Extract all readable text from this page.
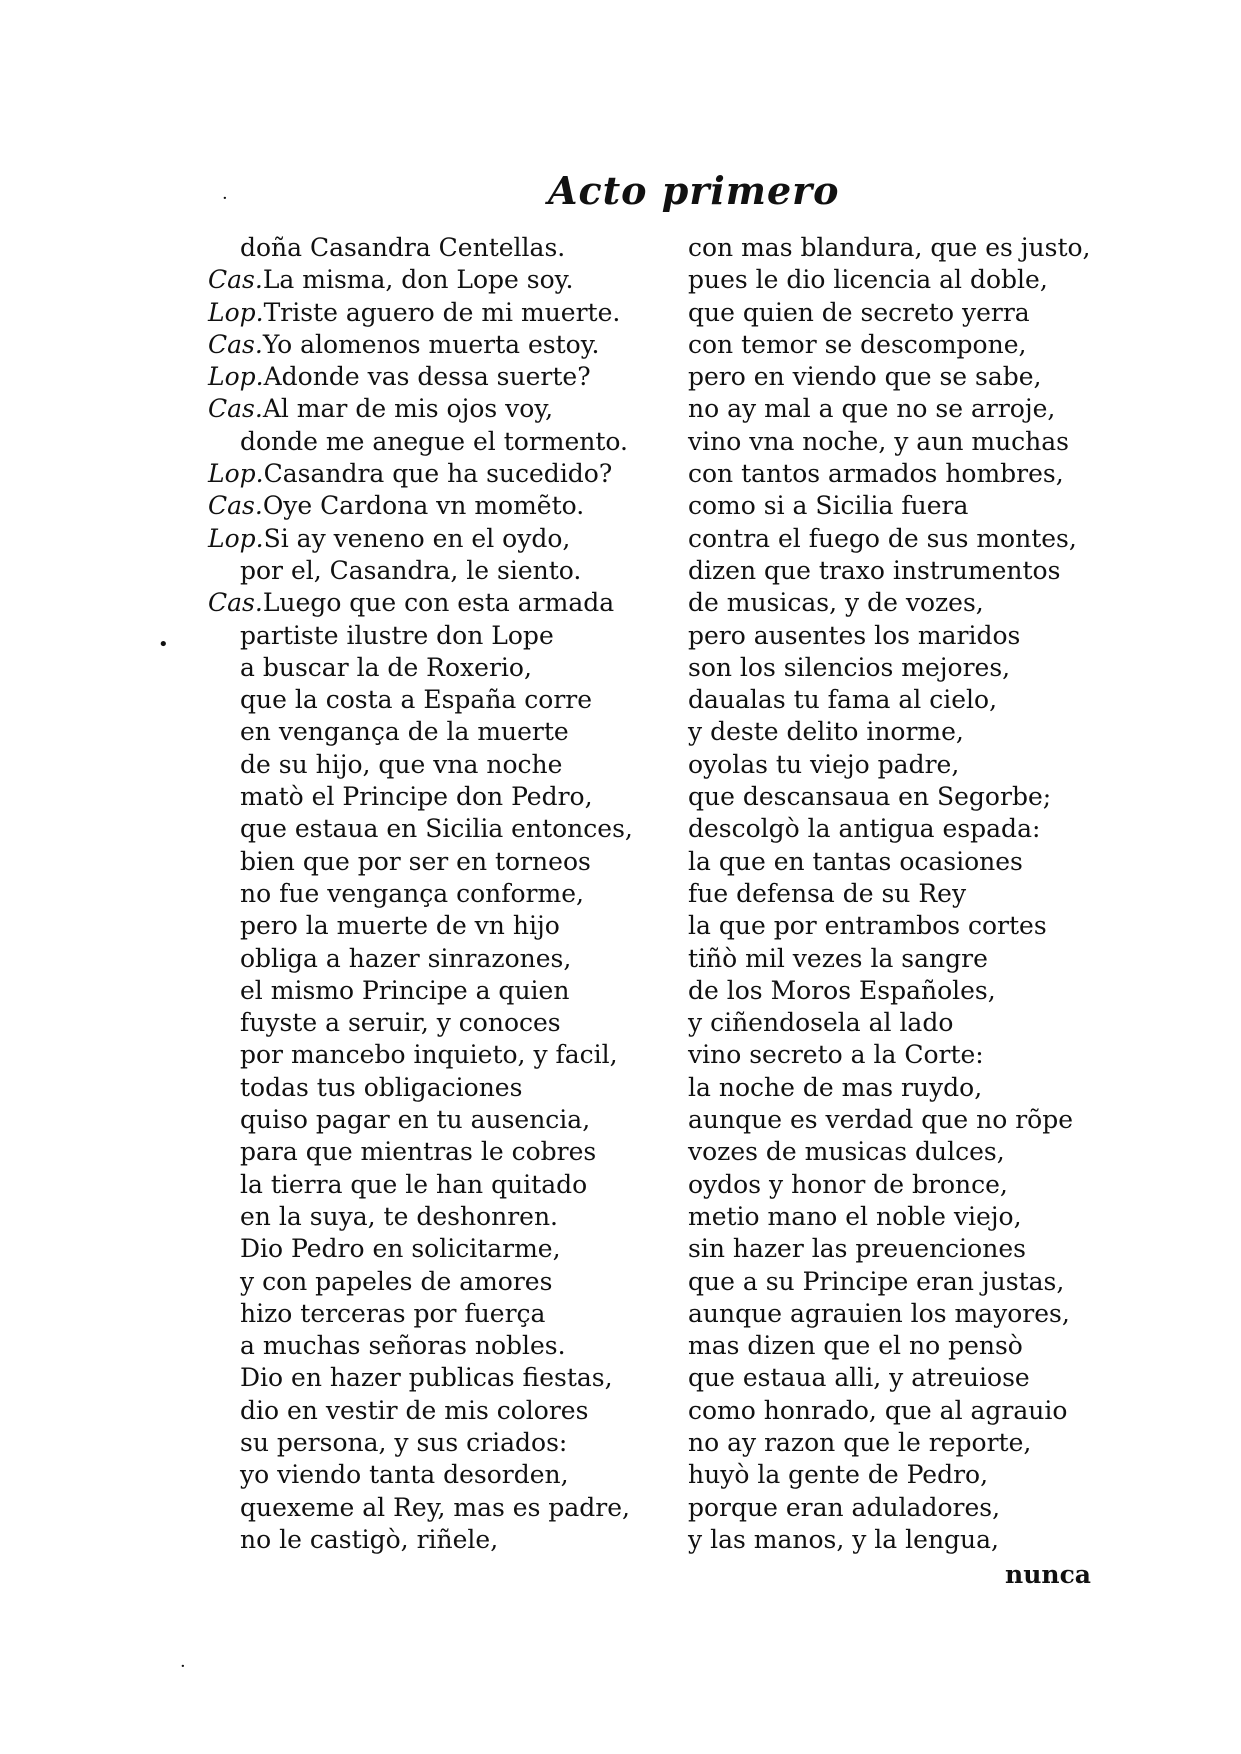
Acto primero
·
•
·
doña Casandra Centellas.
Cas.La misma, don Lope soy.
Lop.Triste aguero de mi muerte.
Cas.Yo alomenos muerta estoy.
Lop.Adonde vas dessa suerte?
Cas.Al mar de mis ojos voy,
donde me anegue el tormento.
Lop.Casandra que ha sucedido?
Cas.Oye Cardona vn momẽto.
Lop.Si ay veneno en el oydo,
por el, Casandra, le siento.
Cas.Luego que con esta armada
partiste ilustre don Lope
a buscar la de Roxerio,
que la costa a España corre
en vengança de la muerte
de su hijo, que vna noche
matò el Principe don Pedro,
que estaua en Sicilia entonces,
bien que por ser en torneos
no fue vengança conforme,
pero la muerte de vn hijo
obliga a hazer sinrazones,
el mismo Principe a quien
fuyste a seruir, y conoces
por mancebo inquieto, y facil,
todas tus obligaciones
quiso pagar en tu ausencia,
para que mientras le cobres
la tierra que le han quitado
en la suya, te deshonren.
Dio Pedro en solicitarme,
y con papeles de amores
hizo terceras por fuerça
a muchas señoras nobles.
Dio en hazer publicas fiestas,
dio en vestir de mis colores
su persona, y sus criados:
yo viendo tanta desorden,
quexeme al Rey, mas es padre,
no le castigò, riñele,
con mas blandura, que es justo,
pues le dio licencia al doble,
que quien de secreto yerra
con temor se descompone,
pero en viendo que se sabe,
no ay mal a que no se arroje,
vino vna noche, y aun muchas
con tantos armados hombres,
como si a Sicilia fuera
contra el fuego de sus montes,
dizen que traxo instrumentos
de musicas, y de vozes,
pero ausentes los maridos
son los silencios mejores,
daualas tu fama al cielo,
y deste delito inorme,
oyolas tu viejo padre,
que descansaua en Segorbe;
descolgò la antigua espada:
la que en tantas ocasiones
fue defensa de su Rey
la que por entrambos cortes
tiñò mil vezes la sangre
de los Moros Españoles,
y ciñendosela al lado
vino secreto a la Corte:
la noche de mas ruydo,
aunque es verdad que no rõpe
vozes de musicas dulces,
oydos y honor de bronce,
metio mano el noble viejo,
sin hazer las preuenciones
que a su Principe eran justas,
aunque agrauien los mayores,
mas dizen que el no pensò
que estaua alli, y atreuiose
como honrado, que al agrauio
no ay razon que le reporte,
huyò la gente de Pedro,
porque eran aduladores,
y las manos, y la lengua,
nunca
